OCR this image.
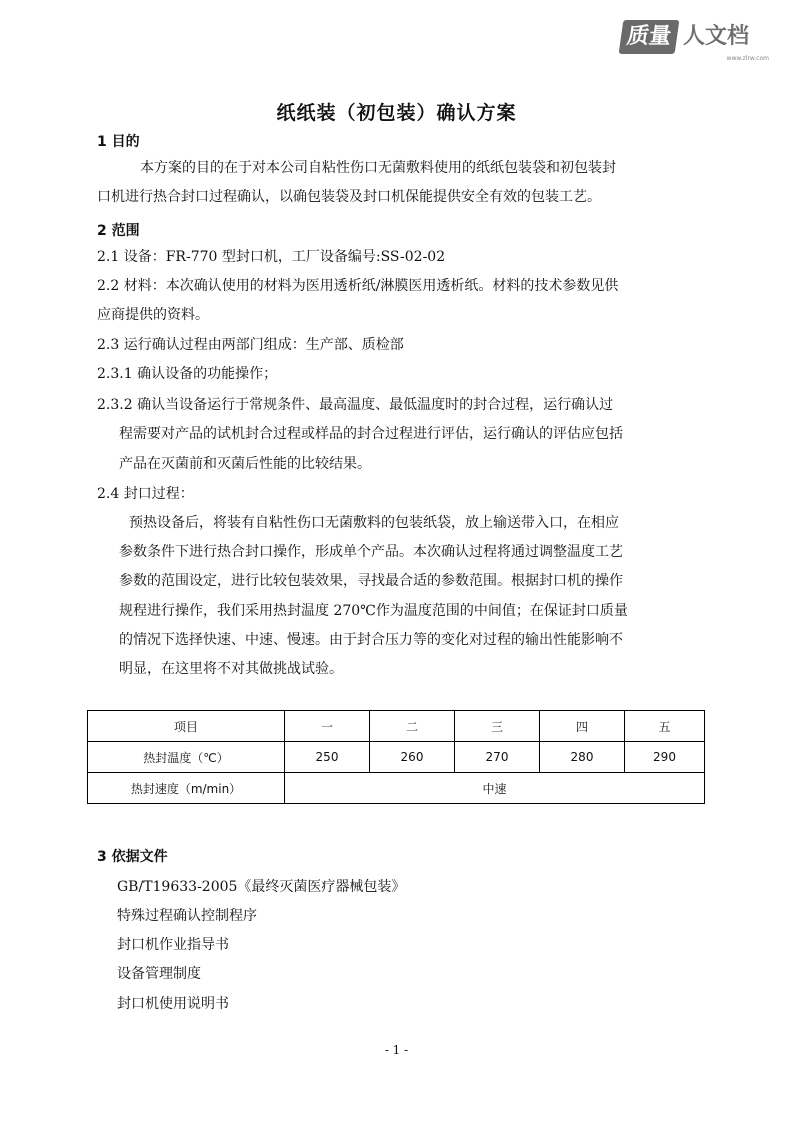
质量 人文档
www.zlrw.com
纸纸装（初包装）确认方案
1 目的
本方案的目的在于对本公司自粘性伤口无菌敷料使用的纸纸包装袋和初包装封
口机进行热合封口过程确认，以确包装袋及封口机保能提供安全有效的包装工艺。
2 范围
2.1 设备：FR-770 型封口机，工厂设备编号:SS-02-02
2.2 材料：本次确认使用的材料为医用透析纸/淋膜医用透析纸。材料的技术参数见供
应商提供的资料。
2.3 运行确认过程由两部门组成：生产部、质检部
2.3.1 确认设备的功能操作；
2.3.2 确认当设备运行于常规条件、最高温度、最低温度时的封合过程，运行确认过
程需要对产品的试机封合过程或样品的封合过程进行评估，运行确认的评估应包括
产品在灭菌前和灭菌后性能的比较结果。
2.4 封口过程：
预热设备后，将装有自粘性伤口无菌敷料的包装纸袋，放上输送带入口，在相应
参数条件下进行热合封口操作，形成单个产品。本次确认过程将通过调整温度工艺
参数的范围设定，进行比较包装效果，寻找最合适的参数范围。根据封口机的操作
规程进行操作，我们采用热封温度 270℃作为温度范围的中间值；在保证封口质量
的情况下选择快速、中速、慢速。由于封合压力等的变化对过程的输出性能影响不
明显，在这里将不对其做挑战试验。
项目	一	二	三	四	五
热封温度（℃）	250	260	270	280	290
热封速度（m/min）	中速				
3 依据文件
GB/T19633-2005《最终灭菌医疗器械包装》
特殊过程确认控制程序
封口机作业指导书
设备管理制度
封口机使用说明书
- 1 -
